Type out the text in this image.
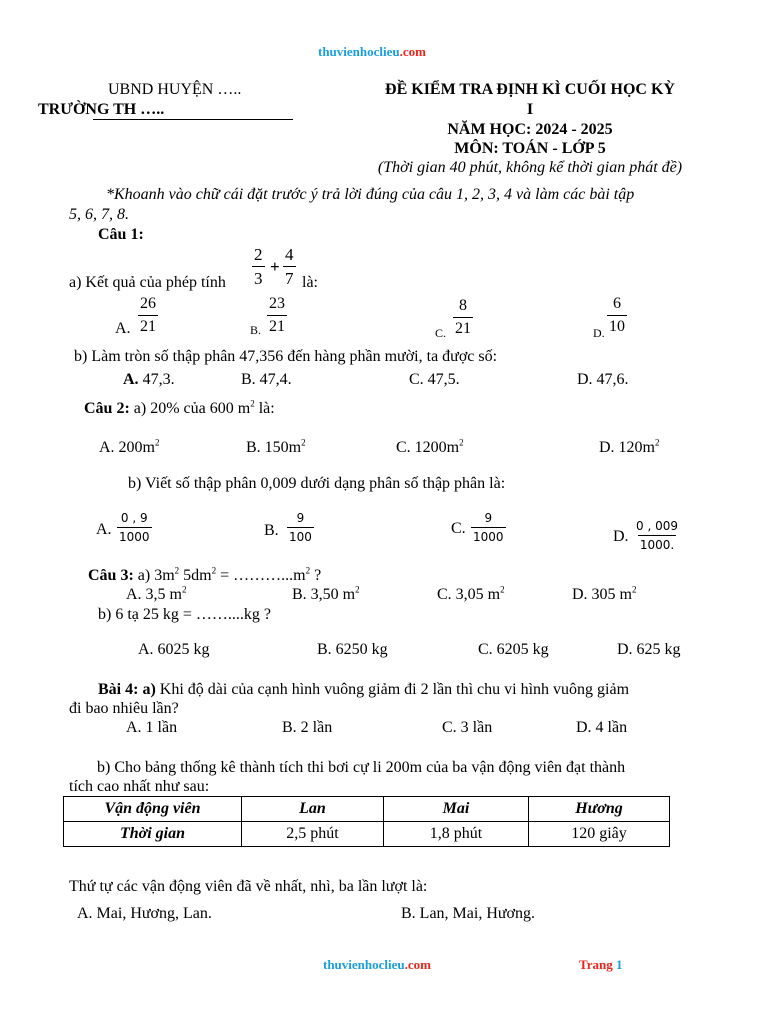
thuvienhoclieu.com
UBND HUYỆN …..
TRƯỜNG TH …..
ĐỀ KIỂM TRA ĐỊNH KÌ CUỐI HỌC KỲ
I
NĂM HỌC: 2024 - 2025
MÔN: TOÁN - LỚP 5
(Thời gian 40 phút, không kể thời gian phát đề)
*Khoanh vào chữ cái đặt trước ý trả lời đúng của câu 1, 2, 3, 4 và làm các bài tập
5, 6, 7, 8.
Câu 1:
$\frac{2}{3} + \frac{4}{7}$
a) Kết quả của phép tính	là:
A. $\frac{26}{21}$	B. $\frac{23}{21}$	C. $\frac{8}{21}$	D. $\frac{6}{10}$
b) Làm tròn số thập phân 47,356 đến hàng phần mười, ta được số:
A. 47,3.	B. 47,4.	C. 47,5.	D. 47,6.
Câu 2: a) 20% của 600 $m^2$ là:
A. $200m^2$	B. $150m^2$	C. $1200m^2$	D. $120m^2$
b) Viết số thập phân 0,009 dưới dạng phân số thập phân là:
A. $\frac{0 , 9}{1000}$	B. $\frac{9}{100}$	C. $\frac{9}{1000}$	D. $\frac{0 , 009}{1000.}$
Câu 3: a) $3m^2$ $5dm^2$ = $\dots\dots\dots...m^2$ ?
A. 3,5 $m^2$	B. 3,50 $m^2$	C. 3,05 $m^2$	D. 305 $m^2$
b) 6 tạ 25 kg = ……....kg ?
A. 6025 kg	B. 6250 kg	C. 6205 kg	D. 625 kg
Bài 4: a) Khi độ dài của cạnh hình vuông giảm đi 2 lần thì chu vi hình vuông giảm
đi bao nhiêu lần?
A. 1 lần	B. 2 lần	C. 3 lần	D. 4 lần
b) Cho bảng thống kê thành tích thi bơi cự li 200m của ba vận động viên đạt thành
tích cao nhất như sau:
Vận động viên	Lan	Mai	Hương
Thời gian	2,5 phút	1,8 phút	120 giây
Thứ tự các vận động viên đã về nhất, nhì, ba lần lượt là:
A. Mai, Hương, Lan.	B. Lan, Mai, Hương.
thuvienhoclieu.com	Trang 1
